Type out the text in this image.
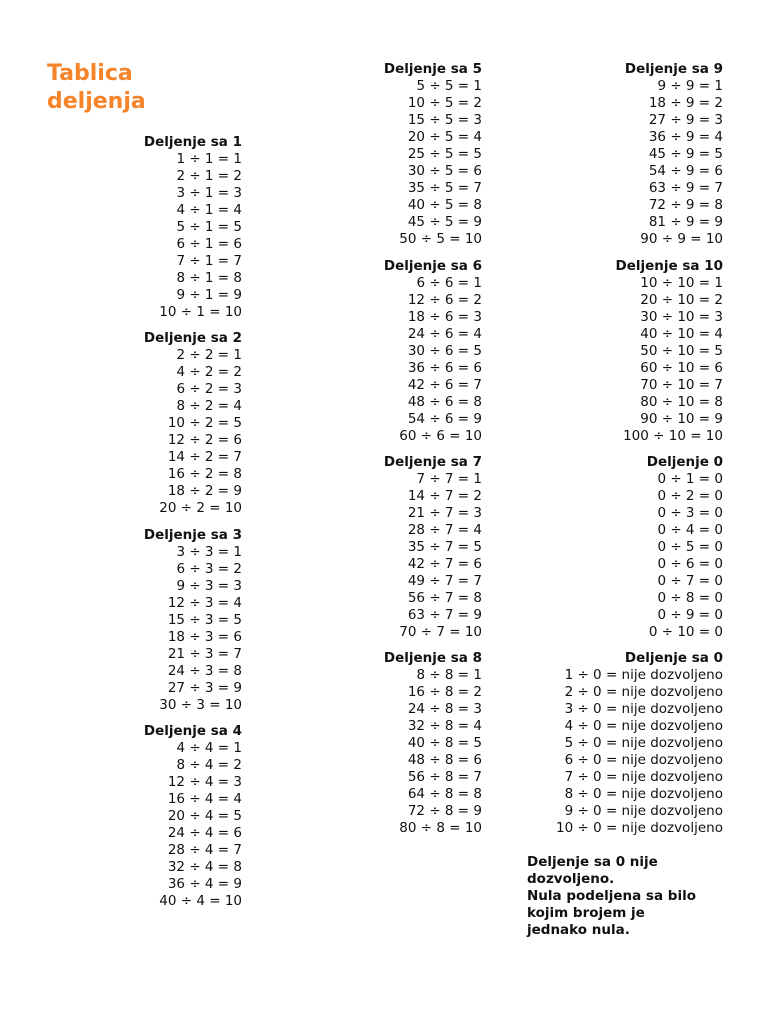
Tablica
deljenja
Deljenje sa 1
1 ÷ 1 = 1
2 ÷ 1 = 2
3 ÷ 1 = 3
4 ÷ 1 = 4
5 ÷ 1 = 5
6 ÷ 1 = 6
7 ÷ 1 = 7
8 ÷ 1 = 8
9 ÷ 1 = 9
10 ÷ 1 = 10
Deljenje sa 2
2 ÷ 2 = 1
4 ÷ 2 = 2
6 ÷ 2 = 3
8 ÷ 2 = 4
10 ÷ 2 = 5
12 ÷ 2 = 6
14 ÷ 2 = 7
16 ÷ 2 = 8
18 ÷ 2 = 9
20 ÷ 2 = 10
Deljenje sa 3
3 ÷ 3 = 1
6 ÷ 3 = 2
9 ÷ 3 = 3
12 ÷ 3 = 4
15 ÷ 3 = 5
18 ÷ 3 = 6
21 ÷ 3 = 7
24 ÷ 3 = 8
27 ÷ 3 = 9
30 ÷ 3 = 10
Deljenje sa 4
4 ÷ 4 = 1
8 ÷ 4 = 2
12 ÷ 4 = 3
16 ÷ 4 = 4
20 ÷ 4 = 5
24 ÷ 4 = 6
28 ÷ 4 = 7
32 ÷ 4 = 8
36 ÷ 4 = 9
40 ÷ 4 = 10
Deljenje sa 5
5 ÷ 5 = 1
10 ÷ 5 = 2
15 ÷ 5 = 3
20 ÷ 5 = 4
25 ÷ 5 = 5
30 ÷ 5 = 6
35 ÷ 5 = 7
40 ÷ 5 = 8
45 ÷ 5 = 9
50 ÷ 5 = 10
Deljenje sa 6
6 ÷ 6 = 1
12 ÷ 6 = 2
18 ÷ 6 = 3
24 ÷ 6 = 4
30 ÷ 6 = 5
36 ÷ 6 = 6
42 ÷ 6 = 7
48 ÷ 6 = 8
54 ÷ 6 = 9
60 ÷ 6 = 10
Deljenje sa 7
7 ÷ 7 = 1
14 ÷ 7 = 2
21 ÷ 7 = 3
28 ÷ 7 = 4
35 ÷ 7 = 5
42 ÷ 7 = 6
49 ÷ 7 = 7
56 ÷ 7 = 8
63 ÷ 7 = 9
70 ÷ 7 = 10
Deljenje sa 8
8 ÷ 8 = 1
16 ÷ 8 = 2
24 ÷ 8 = 3
32 ÷ 8 = 4
40 ÷ 8 = 5
48 ÷ 8 = 6
56 ÷ 8 = 7
64 ÷ 8 = 8
72 ÷ 8 = 9
80 ÷ 8 = 10
Deljenje sa 9
9 ÷ 9 = 1
18 ÷ 9 = 2
27 ÷ 9 = 3
36 ÷ 9 = 4
45 ÷ 9 = 5
54 ÷ 9 = 6
63 ÷ 9 = 7
72 ÷ 9 = 8
81 ÷ 9 = 9
90 ÷ 9 = 10
Deljenje sa 10
10 ÷ 10 = 1
20 ÷ 10 = 2
30 ÷ 10 = 3
40 ÷ 10 = 4
50 ÷ 10 = 5
60 ÷ 10 = 6
70 ÷ 10 = 7
80 ÷ 10 = 8
90 ÷ 10 = 9
100 ÷ 10 = 10
Deljenje 0
0 ÷ 1 = 0
0 ÷ 2 = 0
0 ÷ 3 = 0
0 ÷ 4 = 0
0 ÷ 5 = 0
0 ÷ 6 = 0
0 ÷ 7 = 0
0 ÷ 8 = 0
0 ÷ 9 = 0
0 ÷ 10 = 0
Deljenje sa 0
1 ÷ 0 = nije dozvoljeno
2 ÷ 0 = nije dozvoljeno
3 ÷ 0 = nije dozvoljeno
4 ÷ 0 = nije dozvoljeno
5 ÷ 0 = nije dozvoljeno
6 ÷ 0 = nije dozvoljeno
7 ÷ 0 = nije dozvoljeno
8 ÷ 0 = nije dozvoljeno
9 ÷ 0 = nije dozvoljeno
10 ÷ 0 = nije dozvoljeno
Deljenje sa 0 nije
dozvoljeno.
Nula podeljena sa bilo
kojim brojem je
jednako nula.
